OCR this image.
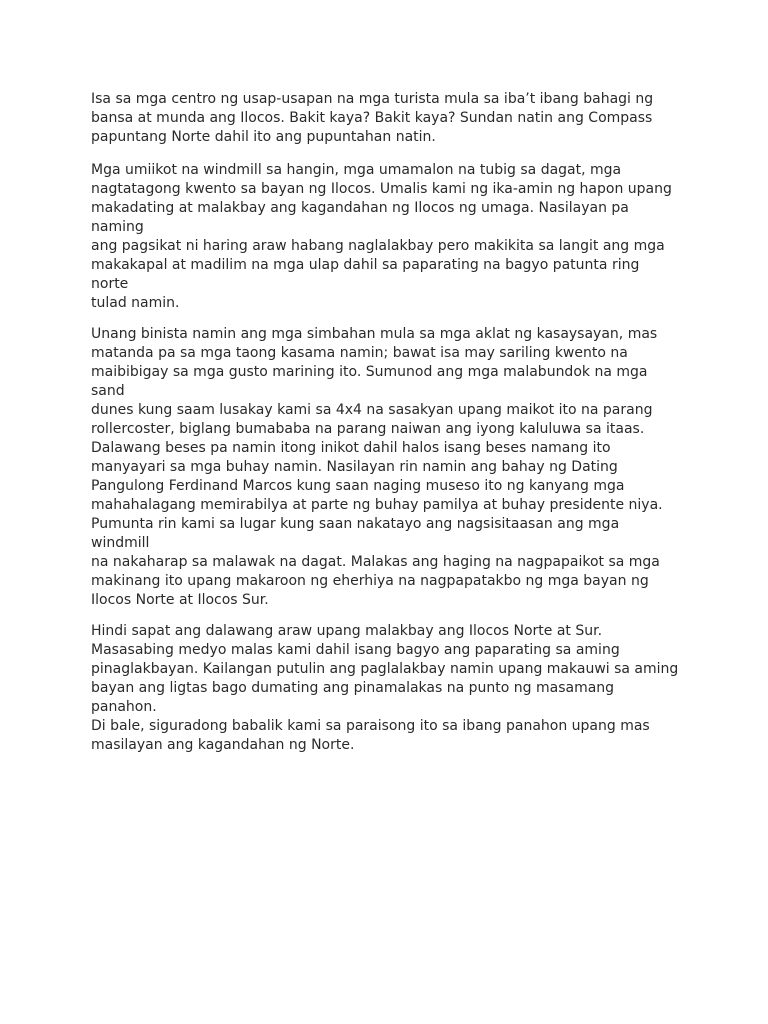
Isa sa mga centro ng usap-usapan na mga turista mula sa iba’t ibang bahagi ng
bansa at munda ang Ilocos. Bakit kaya? Bakit kaya? Sundan natin ang Compass
papuntang Norte dahil ito ang pupuntahan natin.

Mga umiikot na windmill sa hangin, mga umamalon na tubig sa dagat, mga
nagtatagong kwento sa bayan ng Ilocos. Umalis kami ng ika-amin ng hapon upang
makadating at malakbay ang kagandahan ng Ilocos ng umaga. Nasilayan pa naming
ang pagsikat ni haring araw habang naglalakbay pero makikita sa langit ang mga
makakapal at madilim na mga ulap dahil sa paparating na bagyo patunta ring norte
tulad namin.

Unang binista namin ang mga simbahan mula sa mga aklat ng kasaysayan, mas
matanda pa sa mga taong kasama namin; bawat isa may sariling kwento na
maibibigay sa mga gusto marining ito. Sumunod ang mga malabundok na mga sand
dunes kung saam lusakay kami sa 4x4 na sasakyan upang maikot ito na parang
rollercoster, biglang bumababa na parang naiwan ang iyong kaluluwa sa itaas.
Dalawang beses pa namin itong inikot dahil halos isang beses namang ito
manyayari sa mga buhay namin. Nasilayan rin namin ang bahay ng Dating
Pangulong Ferdinand Marcos kung saan naging museso ito ng kanyang mga
mahahalagang memirabilya at parte ng buhay pamilya at buhay presidente niya.
Pumunta rin kami sa lugar kung saan nakatayo ang nagsisitaasan ang mga windmill
na nakaharap sa malawak na dagat. Malakas ang haging na nagpapaikot sa mga
makinang ito upang makaroon ng eherhiya na nagpapatakbo ng mga bayan ng
Ilocos Norte at Ilocos Sur.

Hindi sapat ang dalawang araw upang malakbay ang Ilocos Norte at Sur.
Masasabing medyo malas kami dahil isang bagyo ang paparating sa aming
pinaglakbayan. Kailangan putulin ang paglalakbay namin upang makauwi sa aming
bayan ang ligtas bago dumating ang pinamalakas na punto ng masamang panahon.
Di bale, siguradong babalik kami sa paraisong ito sa ibang panahon upang mas
masilayan ang kagandahan ng Norte.
